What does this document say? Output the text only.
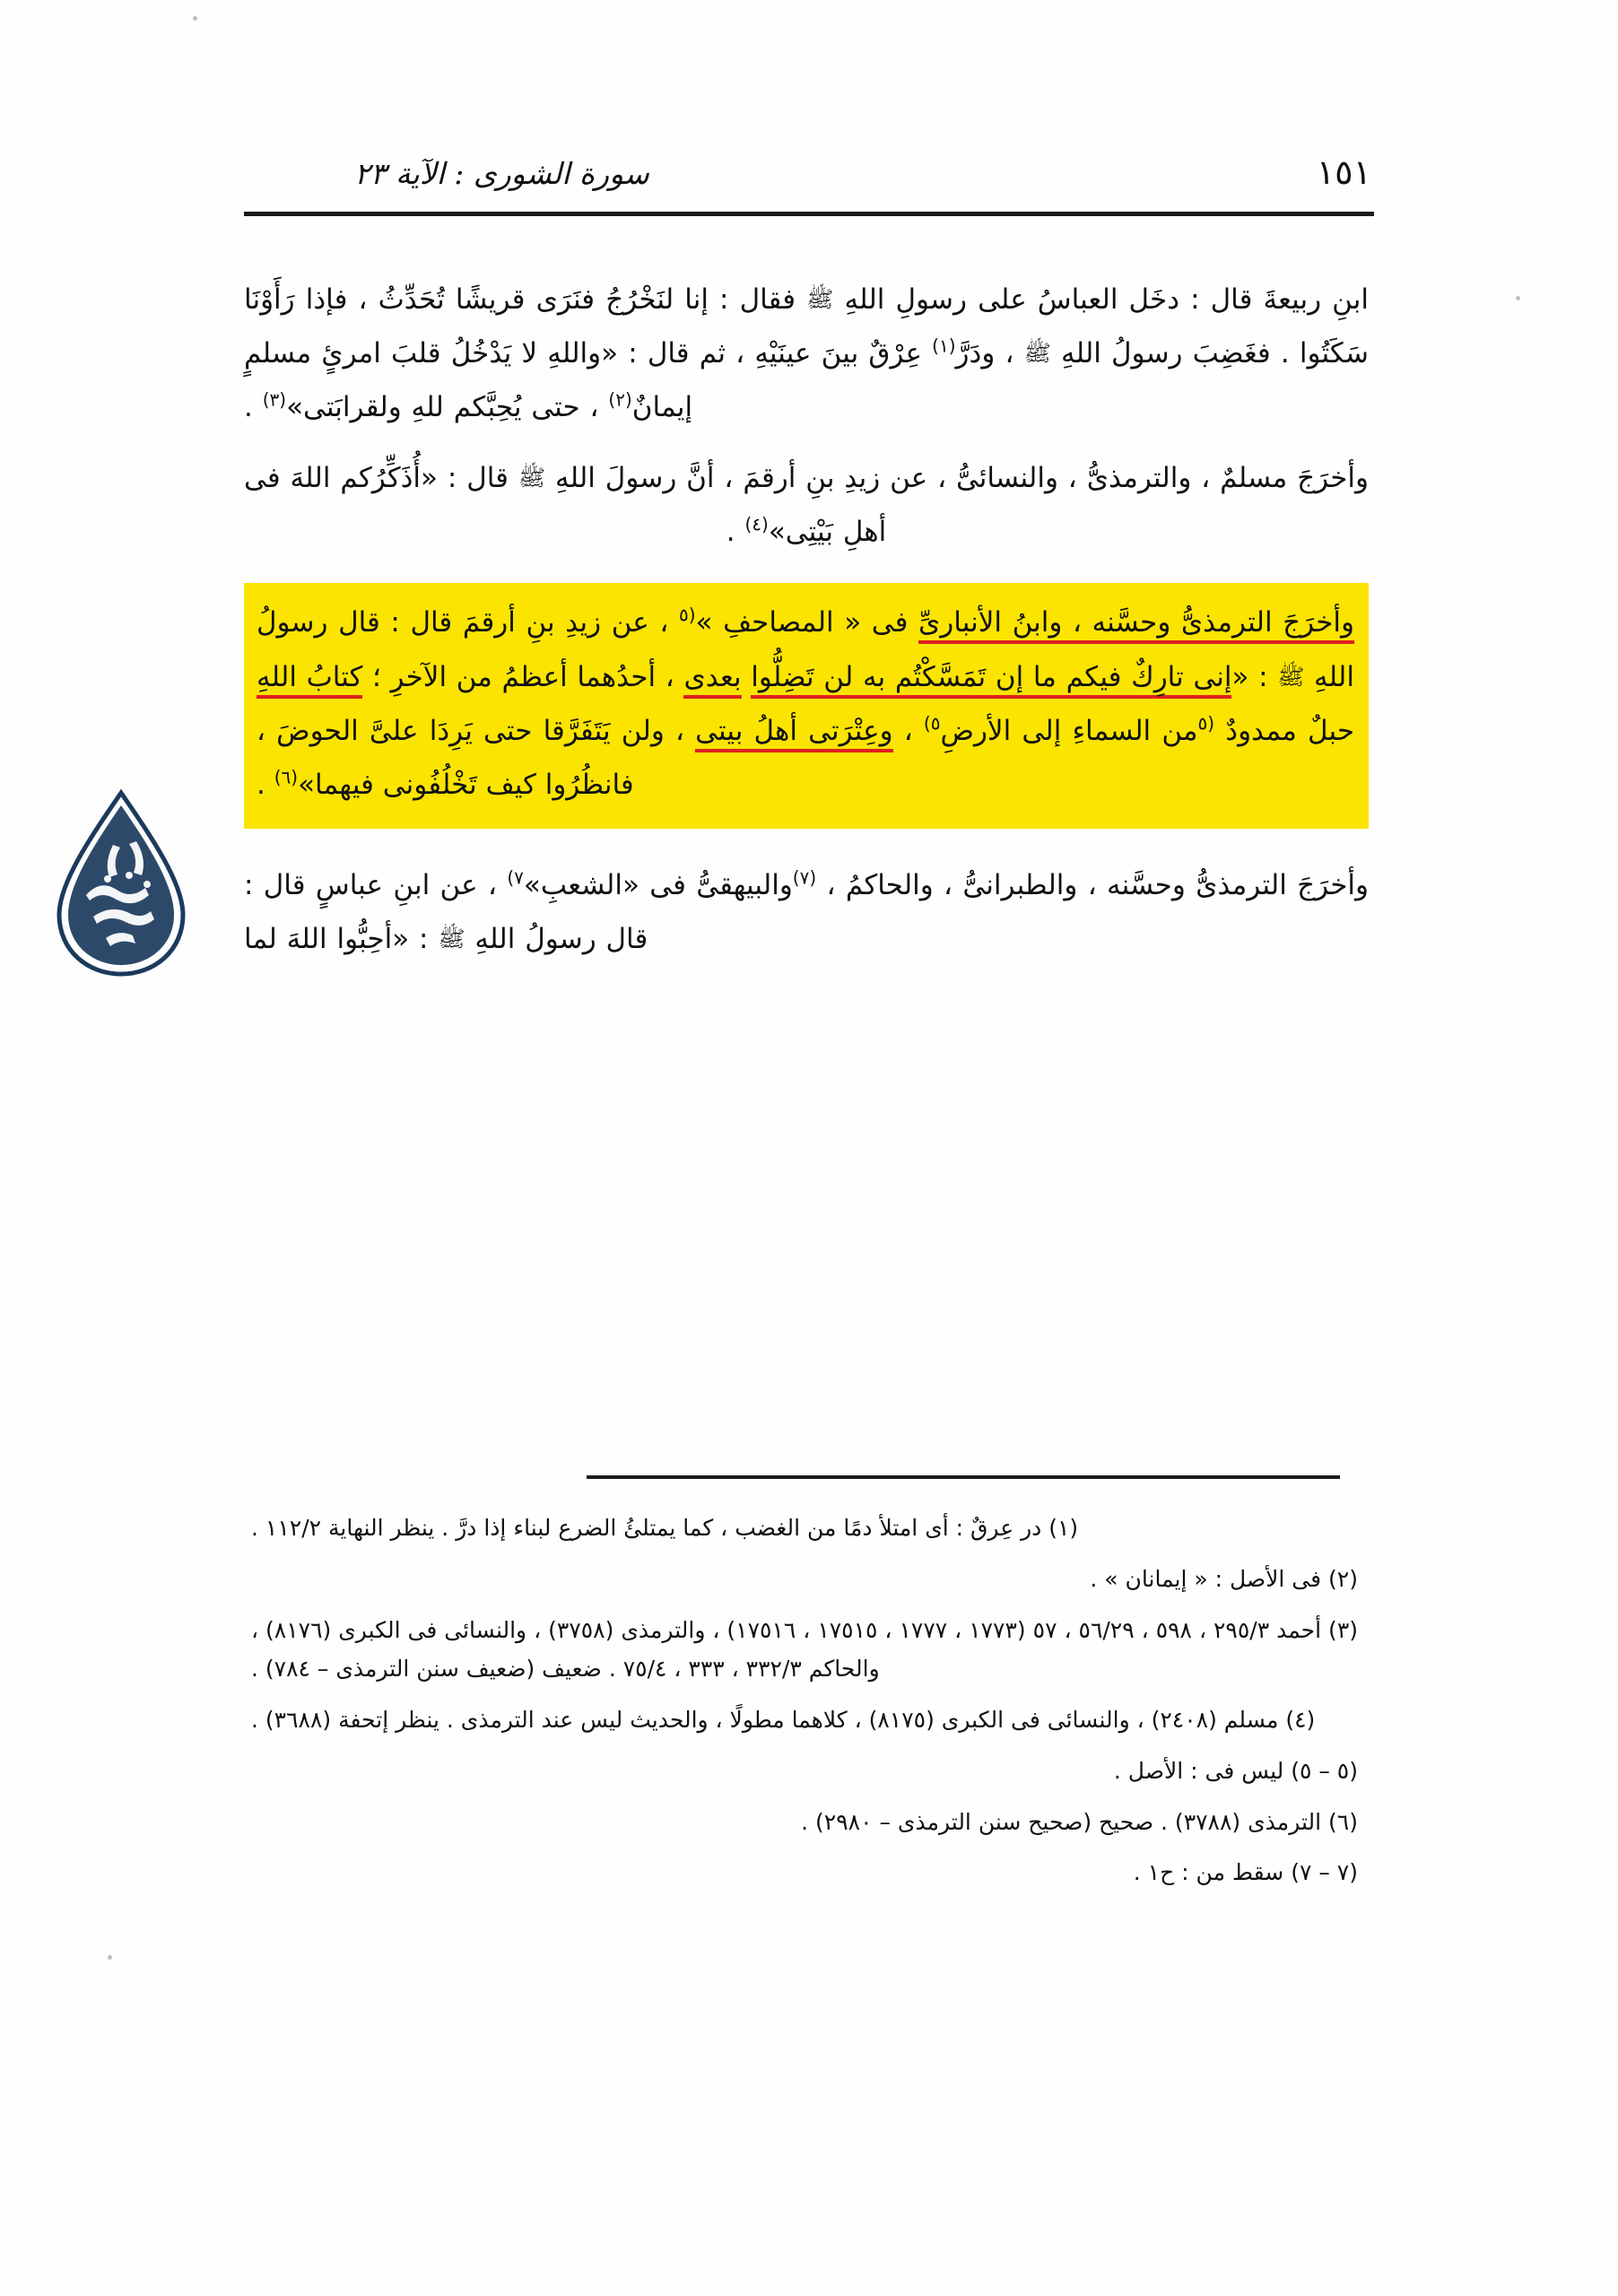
١٥١
سورة الشورى : الآية ٢٣

ابنِ ربيعةَ قال : دخَل العباسُ على رسولِ اللهِ ﷺ فقال : إنا لنَخْرُجُ فنَرَى قريشًا تُحَدِّثُ ، فإذا رَأَوْنَا سَكَتُوا . فغَضِبَ رسولُ اللهِ ﷺ ، ودَرَّ$^{(١)}$ عِرْقٌ بينَ عينَيْهِ ، ثم قال : «واللهِ لا يَدْخُلُ قلبَ امرئٍ مسلمٍ إيمانٌ$^{(٢)}$ ، حتى يُحِبَّكم للهِ ولقرابَتى»$^{(٣)}$ .

وأخرَجَ مسلمٌ ، والترمذىُّ ، والنسائىُّ ، عن زيدِ بنِ أرقمَ ، أنَّ رسولَ اللهِ ﷺ قال : «أُذَكِّرُكم اللهَ فى أهلِ بَيْتِى»$^{(٤)}$ .

وأخرَجَ الترمذىُّ وحسَّنه ، وابنُ الأنبارىِّ فى « المصاحفِ »$^{(٥}$ ، عن زيدِ بنِ أرقمَ قال : قال رسولُ اللهِ ﷺ : «إنى تارِكٌ فيكم ما إن تَمَسَّكْتُم به لن تَضِلُّوا بعدى ، أحدُهما أعظمُ من الآخرِ ؛ كتابُ اللهِ حبلٌ ممدودٌ $^{(٥}$من السماءِ إلى الأرضِ$^{٥)}$ ، وعِتْرَتى أهلُ بيتى ، ولن يَتَفَرَّقا حتى يَرِدَا علىَّ الحوضَ ، فانظُرُوا كيف تَخْلُفُونى فيهما»$^{(٦)}$ .

وأخرَجَ الترمذىُّ وحسَّنه ، والطبرانىُّ ، والحاكمُ ، $^{(٧)}$والبيهقىُّ فى «الشعبِ»$^{٧)}$ ، عن ابنِ عباسٍ قال : قال رسولُ اللهِ ﷺ : «أحِبُّوا اللهَ لما

(١) در عِرقٌ : أى امتلأ دمًا من الغضب ، كما يمتلئُ الضرع لبناء إذا درَّ . ينظر النهاية ١١٢/٢ .

(٢) فى الأصل : « إيمانان » .

(٣) أحمد ٢٩٥/٣ ، ٥٩٨ ، ٥٦/٢٩ ، ٥٧ (١٧٧٣ ، ١٧٧٧ ، ١٧٥١٥ ، ١٧٥١٦) ، والترمذى (٣٧٥٨) ، والنسائى فى الكبرى (٨١٧٦) ، والحاكم ٣٣٢/٣ ، ٣٣٣ ، ٧٥/٤ . ضعيف (ضعيف سنن الترمذى – ٧٨٤) .

(٤) مسلم (٢٤٠٨) ، والنسائى فى الكبرى (٨١٧٥) ، كلاهما مطولًا ، والحديث ليس عند الترمذى . ينظر إتحفة (٣٦٨٨) .

(٥ – ٥) ليس فى : الأصل .

(٦) الترمذى (٣٧٨٨) . صحيح (صحيح سنن الترمذى – ٢٩٨٠) .

(٧ – ٧) سقط من : ح١ .
